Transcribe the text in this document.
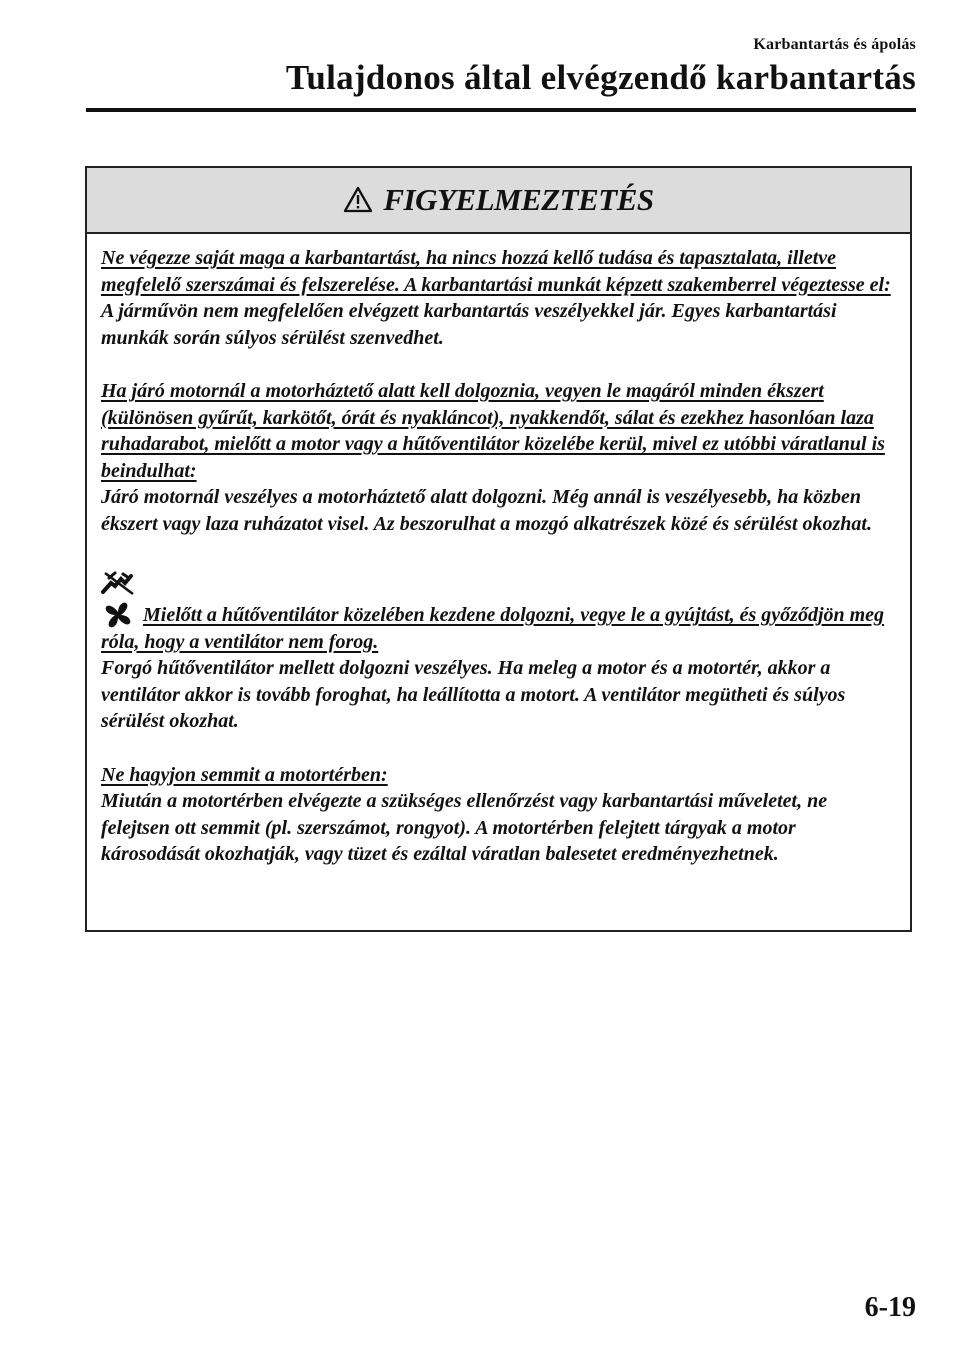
Karbantartás és ápolás
Tulajdonos által elvégzendő karbantartás
FIGYELMEZTETÉS

Ne végezze saját maga a karbantartást, ha nincs hozzá kellő tudása és tapasztalata, illetve megfelelő szerszámai és felszerelése. A karbantartási munkát képzett szakemberrel végeztesse el:

A járművön nem megfelelően elvégzett karbantartás veszélyekkel jár. Egyes karbantartási munkák során súlyos sérülést szenvedhet.

Ha járó motornál a motorháztető alatt kell dolgoznia, vegyen le magáról minden ékszert (különösen gyűrűt, karkötőt, órát és nyakláncot), nyakkendőt, sálat és ezekhez hasonlóan laza ruhadarabot, mielőtt a motor vagy a hűtőventilátor közelébe kerül, mivel ez utóbbi váratlanul is beindulhat:

Járó motornál veszélyes a motorháztető alatt dolgozni. Még annál is veszélyesebb, ha közben ékszert vagy laza ruházatot visel. Az beszorulhat a mozgó alkatrészek közé és sérülést okozhat.

Mielőtt a hűtőventilátor közelében kezdene dolgozni, vegye le a gyújtást, és győződjön meg róla, hogy a ventilátor nem forog.

Forgó hűtőventilátor mellett dolgozni veszélyes. Ha meleg a motor és a motortér, akkor a ventilátor akkor is tovább foroghat, ha leállította a motort. A ventilátor megütheti és súlyos sérülést okozhat.

Ne hagyjon semmit a motortérben:

Miután a motortérben elvégezte a szükséges ellenőrzést vagy karbantartási műveletet, ne felejtsen ott semmit (pl. szerszámot, rongyot). A motortérben felejtett tárgyak a motor károsodását okozhatják, vagy tüzet és ezáltal váratlan balesetet eredményezhetnek.

6-19
